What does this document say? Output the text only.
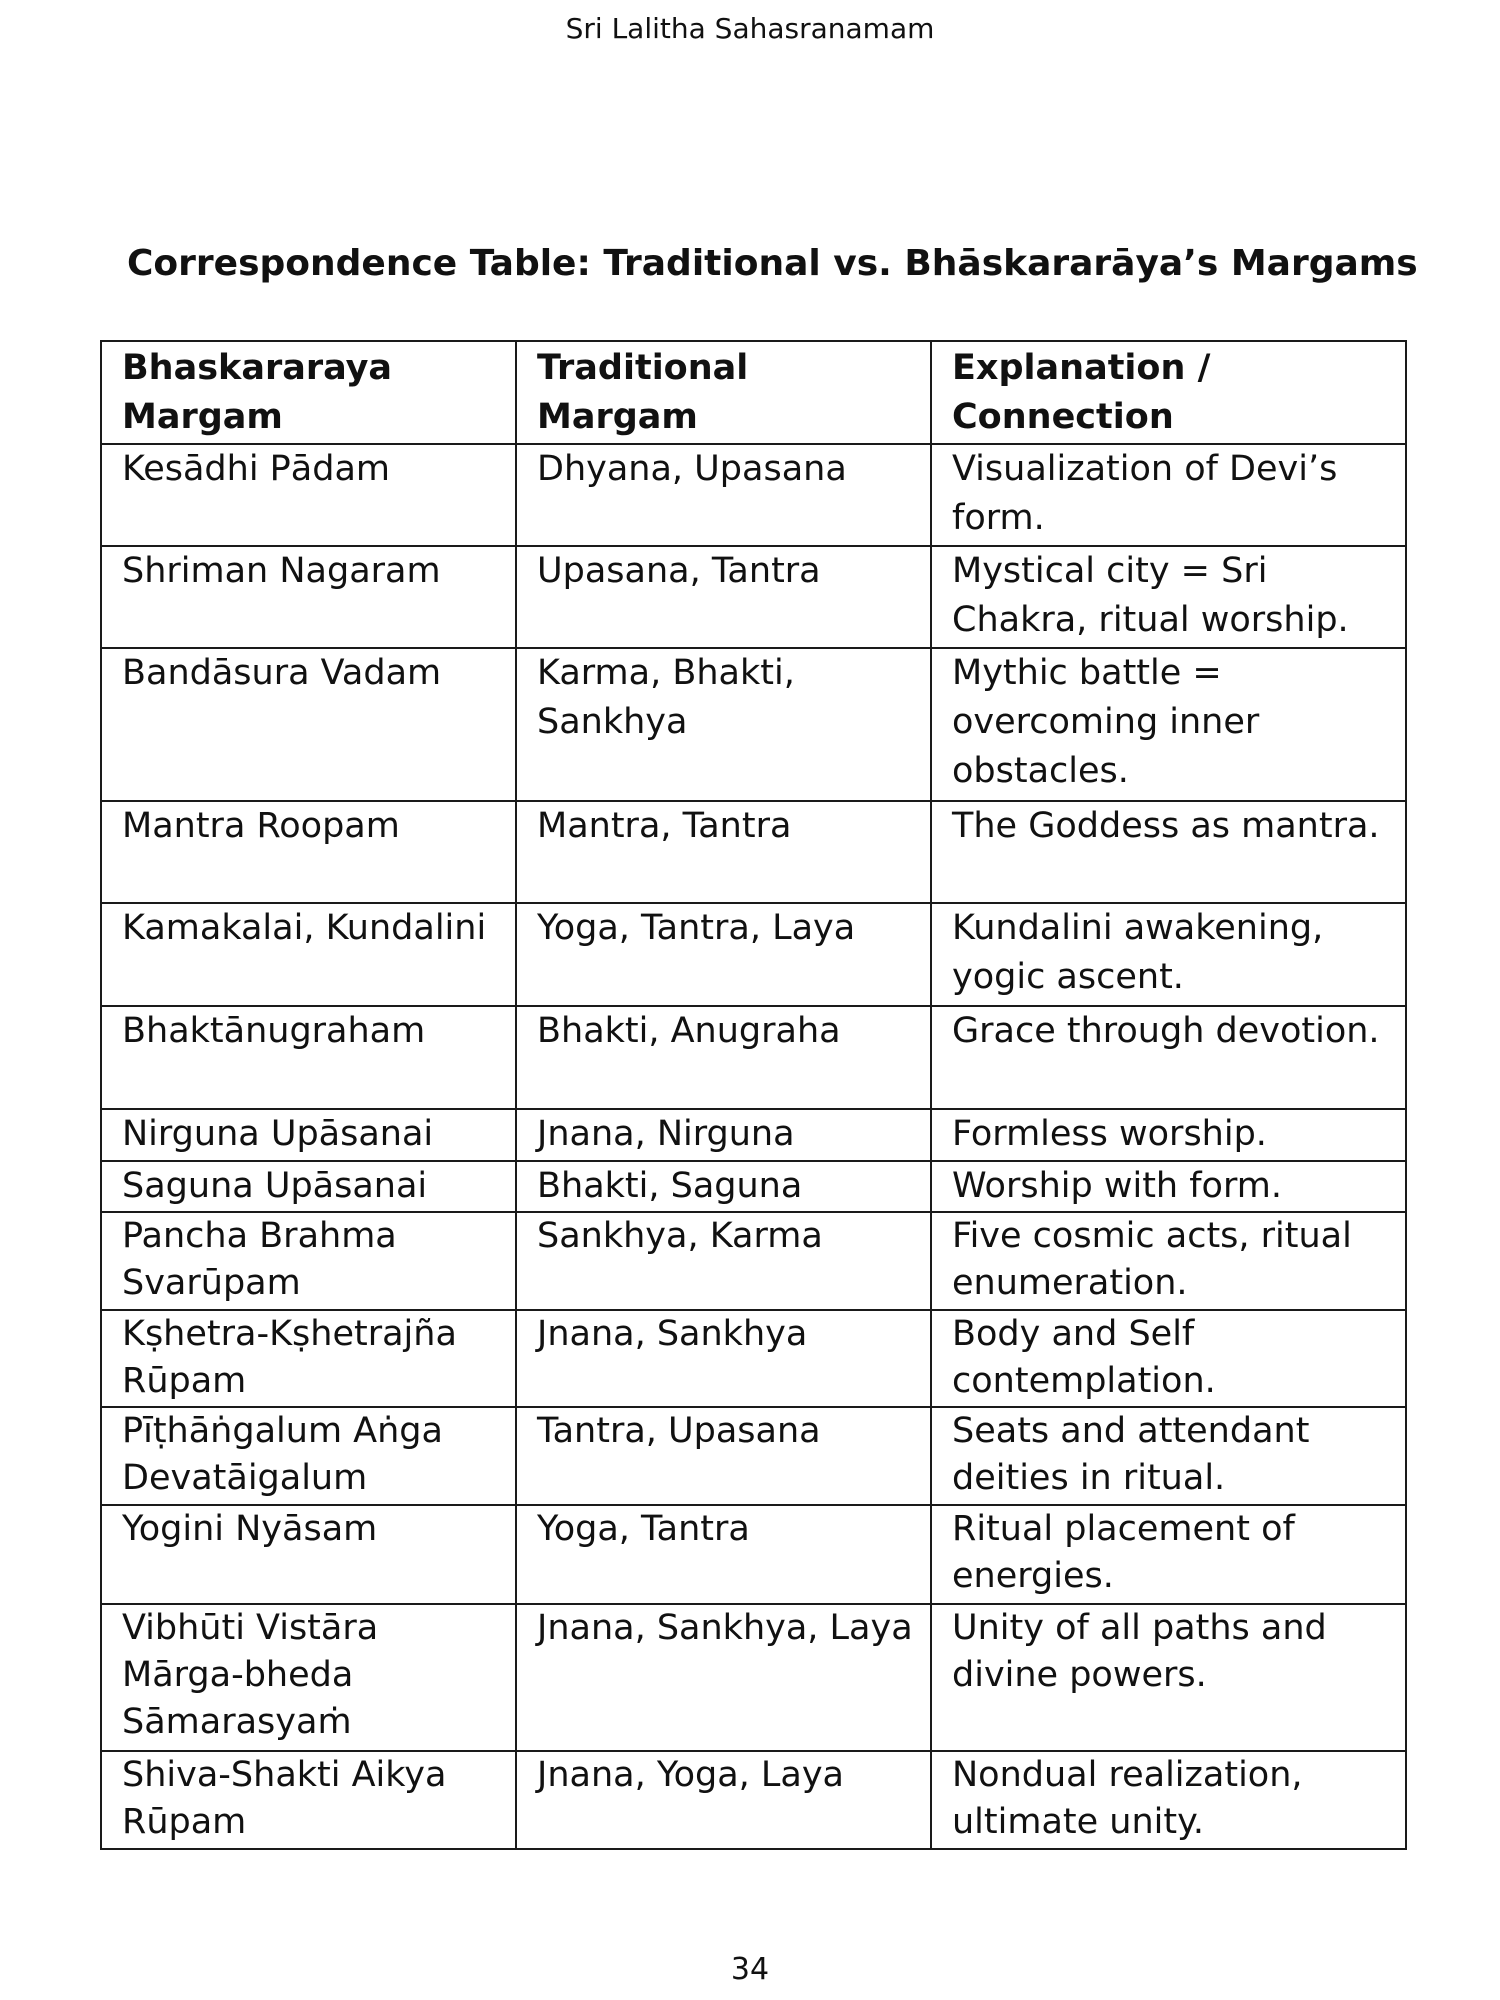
Sri Lalitha Sahasranamam
Correspondence Table: Traditional vs. Bhāskararāya’s Margams
Bhaskararaya Margam	Traditional Margam	Explanation / Connection
Kesādhi Pādam	Dhyana, Upasana	Visualization of Devi’s form.
Shriman Nagaram	Upasana, Tantra	Mystical city = Sri Chakra, ritual worship.
Bandāsura Vadam	Karma, Bhakti, Sankhya	Mythic battle = overcoming inner obstacles.
Mantra Roopam	Mantra, Tantra	The Goddess as mantra.
Kamakalai, Kundalini	Yoga, Tantra, Laya	Kundalini awakening, yogic ascent.
Bhaktānugraham	Bhakti, Anugraha	Grace through devotion.
Nirguna Upāsanai	Jnana, Nirguna	Formless worship.
Saguna Upāsanai	Bhakti, Saguna	Worship with form.
Pancha Brahma Svarūpam	Sankhya, Karma	Five cosmic acts, ritual enumeration.
Kṣhetra-Kṣhetrajña Rūpam	Jnana, Sankhya	Body and Self contemplation.
Pīṭhāṅgalum Aṅga Devatāigalum	Tantra, Upasana	Seats and attendant deities in ritual.
Yogini Nyāsam	Yoga, Tantra	Ritual placement of energies.
Vibhūti Vistāra Mārga-bheda Sāmarasyaṁ	Jnana, Sankhya, Laya	Unity of all paths and divine powers.
Shiva-Shakti Aikya Rūpam	Jnana, Yoga, Laya	Nondual realization, ultimate unity.
34
